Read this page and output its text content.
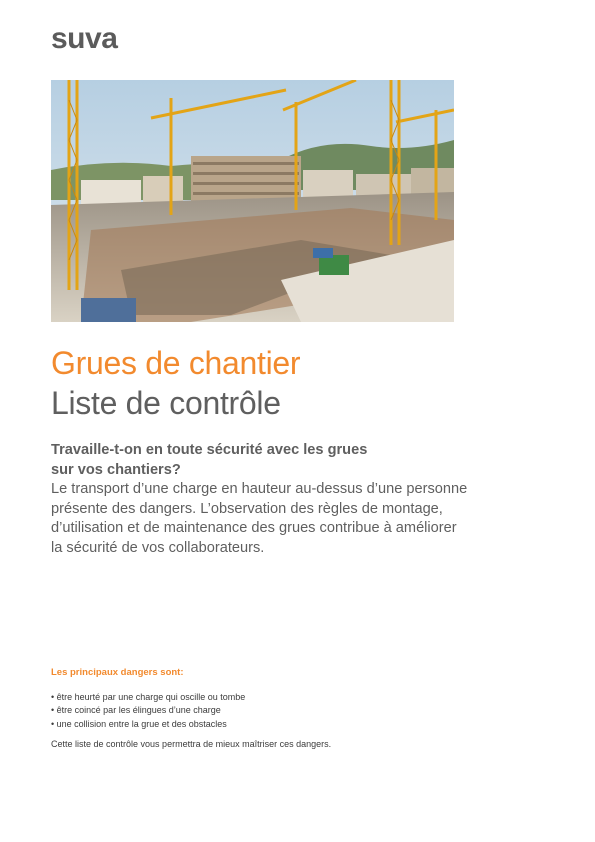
suva
Grues de chantier
Liste de contrôle
Travaille-t-on en toute sécurité avec les grues
sur vos chantiers?
Le transport d’une charge en hauteur au-dessus d’une personne présente des dangers. L’observation des règles de montage, d’utilisation et de maintenance des grues contribue à améliorer la sécurité de vos collaborateurs.
Les principaux dangers sont:
• être heurté par une charge qui oscille ou tombe
• être coincé par les élingues d’une charge
• une collision entre la grue et des obstacles
Cette liste de contrôle vous permettra de mieux maîtriser ces dangers.
